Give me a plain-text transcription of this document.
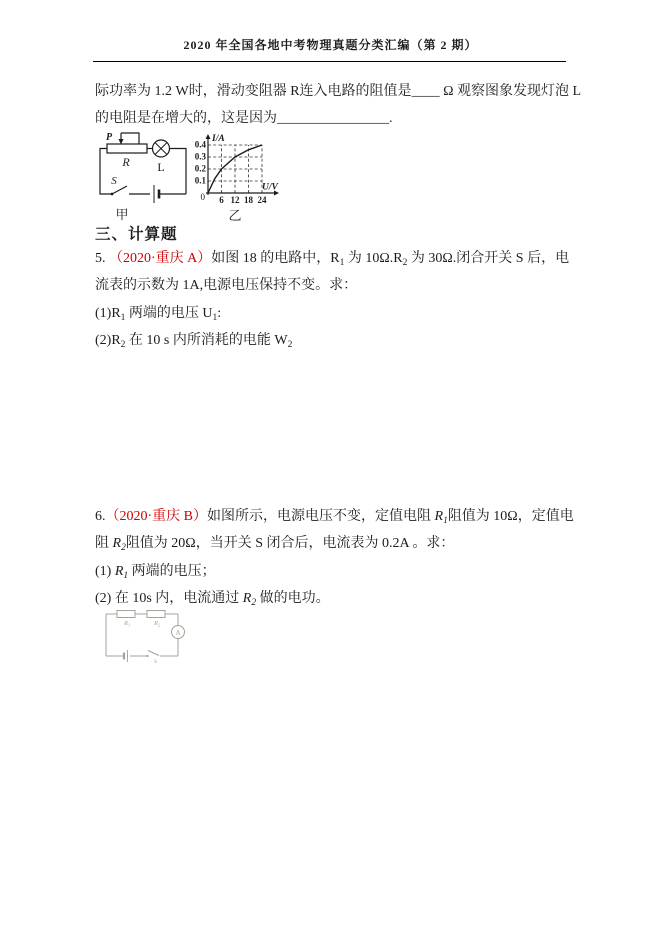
2020 年全国各地中考物理真题分类汇编（第 2 期）
际功率为 1.2 W时，滑动变阻器 R连入电路的阻值是____ Ω 观察图象发现灯泡 L
的电阻是在增大的，这是因为________________.
P
R L
S
甲
I/A
U/V
0
0.1
0.2
0.3
0.4
6 12 18 24
乙
三、计算题
5. （2020·重庆 A）如图 18 的电路中，$R_1$ 为 $10\Omega.R_2$ 为 30Ω.闭合开关 S 后，电
流表的示数为 1A,电源电压保持不变。求：
$(1)R_1$ 两端的电压 $U_1$:
$(2)R_2$ 在 10 s 内所消耗的电能 $W_2$
6.（2020·重庆 B）如图所示，电源电压不变，定值电阻 $R_1$阻值为 10Ω，定值电
阻 $R_2$阻值为 20Ω，当开关 S 闭合后，电流表为 0.2A 。求：
(1) $R_1$ 两端的电压；
(2) 在 10s 内，电流通过 $R_2$ 做的电功。
A
$R_1$	$R_2$
S
